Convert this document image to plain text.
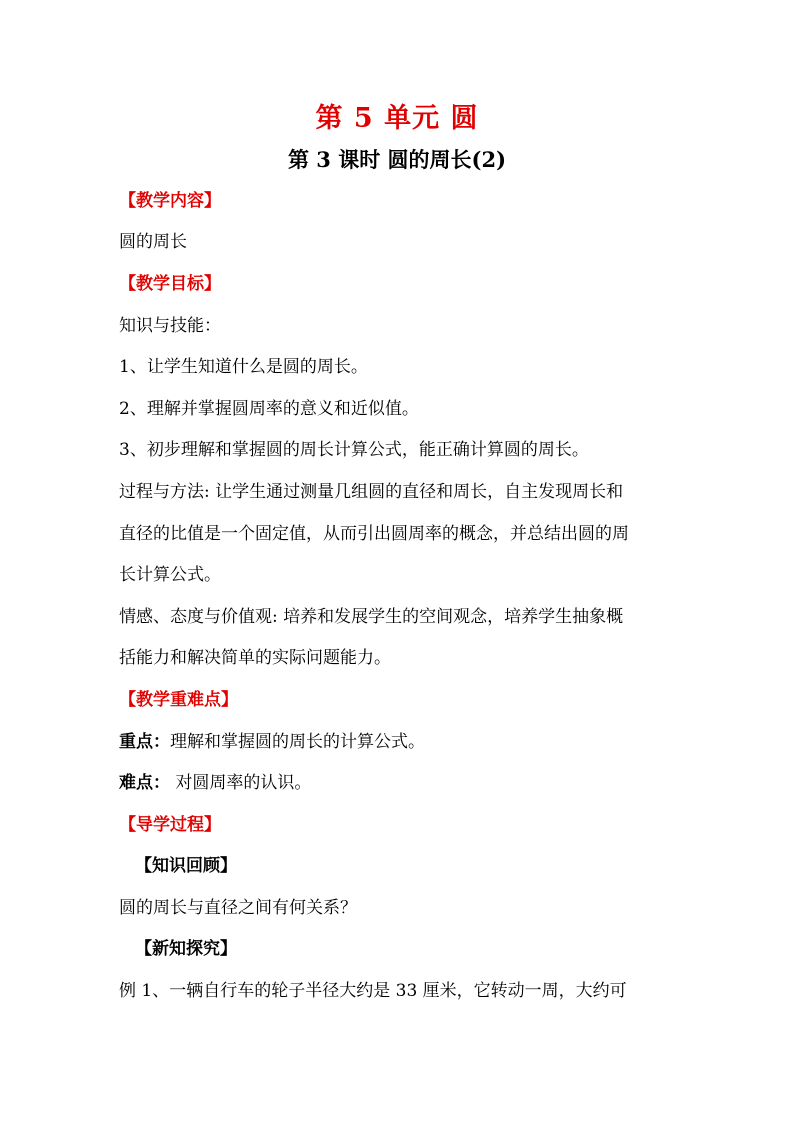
第 5 单元 圆
第 3 课时 圆的周长(2)
【教学内容】
圆的周长
【教学目标】
知识与技能：
1、让学生知道什么是圆的周长。
2、理解并掌握圆周率的意义和近似值。
3、初步理解和掌握圆的周长计算公式，能正确计算圆的周长。
过程与方法: 让学生通过测量几组圆的直径和周长，自主发现周长和
直径的比值是一个固定值，从而引出圆周率的概念，并总结出圆的周
长计算公式。
情感、态度与价值观: 培养和发展学生的空间观念，培养学生抽象概
括能力和解决简单的实际问题能力。
【教学重难点】
重点：理解和掌握圆的周长的计算公式。
难点： 对圆周率的认识。
【导学过程】
【知识回顾】
圆的周长与直径之间有何关系？
【新知探究】
例 1、一辆自行车的轮子半径大约是 33 厘米，它转动一周，大约可
